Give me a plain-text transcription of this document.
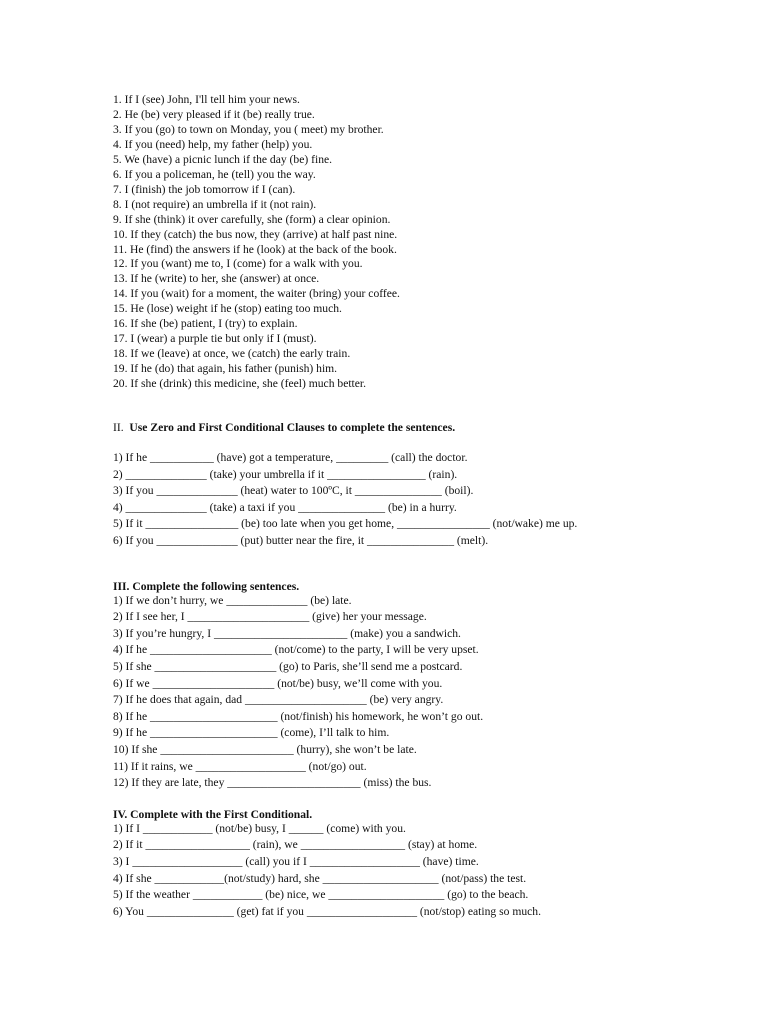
1. If I (see) John, I'll tell him your news.

2. He (be) very pleased if it (be) really true.

3. If you (go) to town on Monday, you ( meet) my brother.

4. If you (need) help, my father (help) you.

5. We (have) a picnic lunch if the day (be) fine.

6. If you a policeman, he (tell) you the way.

7. I (finish) the job tomorrow if I (can).

8. I (not require) an umbrella if it (not rain).

9. If she (think) it over carefully, she (form) a clear opinion.

10. If they (catch) the bus now, they (arrive) at half past nine.

11. He (find) the answers if he (look) at the back of the book.

12. If you (want) me to, I (come) for a walk with you.

13. If he (write) to her, she (answer) at once.

14. If you (wait) for a moment, the waiter (bring) your coffee.

15. He (lose) weight if he (stop) eating too much.

16. If she (be) patient, I (try) to explain.

17. I (wear) a purple tie but only if I (must).

18. If we (leave) at once, we (catch) the early train.

19. If he (do) that again, his father (punish) him.

20. If she (drink) this medicine, she (feel) much better.

II. Use Zero and First Conditional Clauses to complete the sentences.

1) If he ___________ (have) got a temperature, _________ (call) the doctor.

2) ______________ (take) your umbrella if it _________________ (rain).

3) If you ______________ (heat) water to 100ºC, it _______________ (boil).

4) ______________ (take) a taxi if you _______________ (be) in a hurry.

5) If it ________________ (be) too late when you get home, ________________ (not/wake) me up.

6) If you ______________ (put) butter near the fire, it _______________ (melt).

III. Complete the following sentences.

1) If we don’t hurry, we ______________ (be) late.

2) If I see her, I _____________________ (give) her your message.

3) If you’re hungry, I _______________________ (make) you a sandwich.

4) If he _____________________ (not/come) to the party, I will be very upset.

5) If she _____________________ (go) to Paris, she’ll send me a postcard.

6) If we _____________________ (not/be) busy, we’ll come with you.

7) If he does that again, dad _____________________ (be) very angry.

8) If he ______________________ (not/finish) his homework, he won’t go out.

9) If he ______________________ (come), I’ll talk to him.

10) If she _______________________ (hurry), she won’t be late.

11) If it rains, we ___________________ (not/go) out.

12) If they are late, they _______________________ (miss) the bus.

IV. Complete with the First Conditional.

1) If I ____________ (not/be) busy, I ______ (come) with you.

2) If it __________________ (rain), we __________________ (stay) at home.

3) I ___________________ (call) you if I ___________________ (have) time.

4) If she ____________(not/study) hard, she ____________________ (not/pass) the test.

5) If the weather ____________ (be) nice, we ____________________ (go) to the beach.

6) You _______________ (get) fat if you ___________________ (not/stop) eating so much.
